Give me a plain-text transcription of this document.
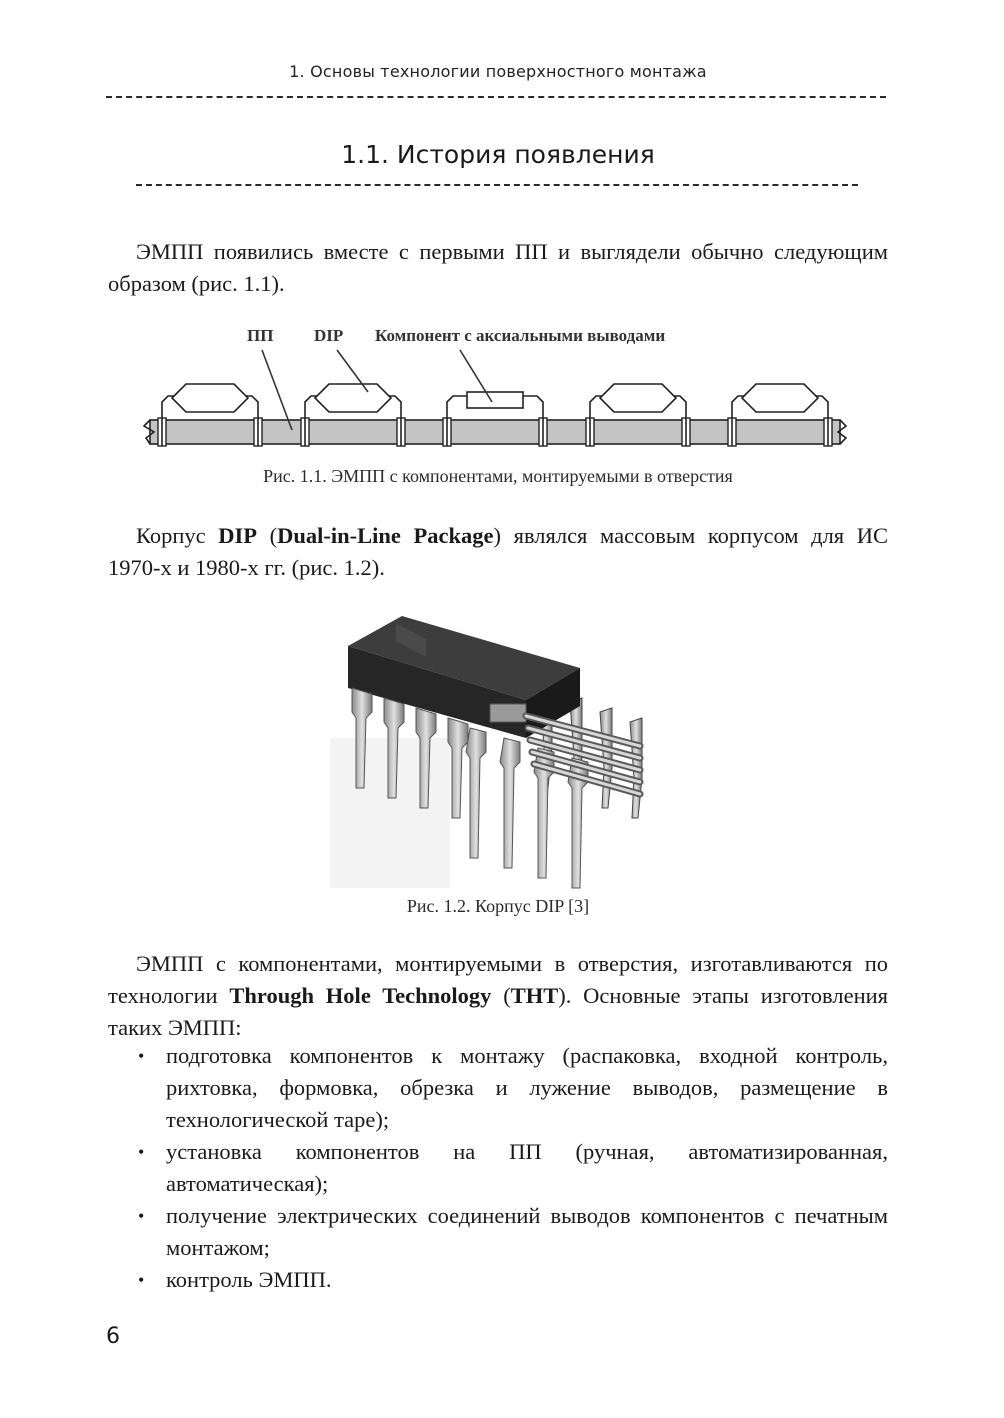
1. Основы технологии поверхностного монтажа
1.1. История появления

ЭМПП появились вместе с первыми ПП и выглядели обычно следующим образом (рис. 1.1).

ПП DIP Компонент с аксиальными выводами
Рис. 1.1. ЭМПП с компонентами, монтируемыми в отверстия

Корпус DIP (Dual-in-Line Package) являлся массовым корпусом для ИС 1970-х и 1980-х гг. (рис. 1.2).

Рис. 1.2. Корпус DIP [3]

ЭМПП с компонентами, монтируемыми в отверстия, изготавливаются по технологии Through Hole Technology (THT). Основные этапы изготовления таких ЭМПП:

• подготовка компонентов к монтажу (распаковка, входной контроль, рихтовка, формовка, обрезка и лужение выводов, размещение в технологической таре);
• установка компонентов на ПП (ручная, автоматизированная, автоматическая);
• получение электрических соединений выводов компонентов с печатным монтажом;
• контроль ЭМПП.
6
